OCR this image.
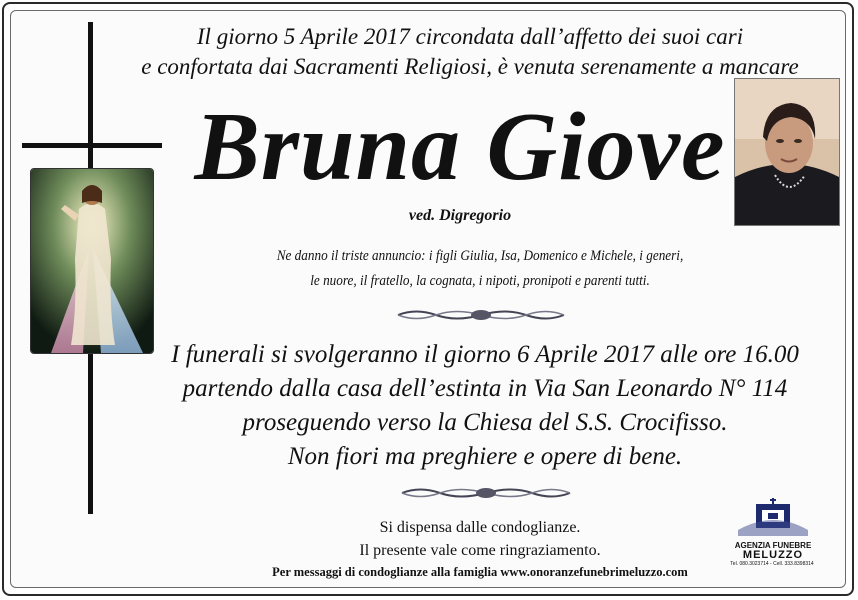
Il giorno 5 Aprile 2017 circondata dall’affetto dei suoi cari
e confortata dai Sacramenti Religiosi, è venuta serenamente a mancare
Bruna Giove
ved. Digregorio
Ne danno il triste annuncio: i figli Giulia, Isa, Domenico e Michele, i generi,
le nuore, il fratello, la cognata, i nipoti, pronipoti e parenti tutti.
I funerali si svolgeranno il giorno 6 Aprile 2017 alle ore 16.00
partendo dalla casa dell’estinta in Via San Leonardo N° 114
proseguendo verso la Chiesa del S.S. Crocifisso.
Non fiori ma preghiere e opere di bene.
Si dispensa dalle condoglianze.
Il presente vale come ringraziamento.
Per messaggi di condoglianze alla famiglia www.onoranzefunebrimeluzzo.com
AGENZIA FUNEBRE
MELUZZO
Tel. 080.3023714 - Cell. 333.8398314
